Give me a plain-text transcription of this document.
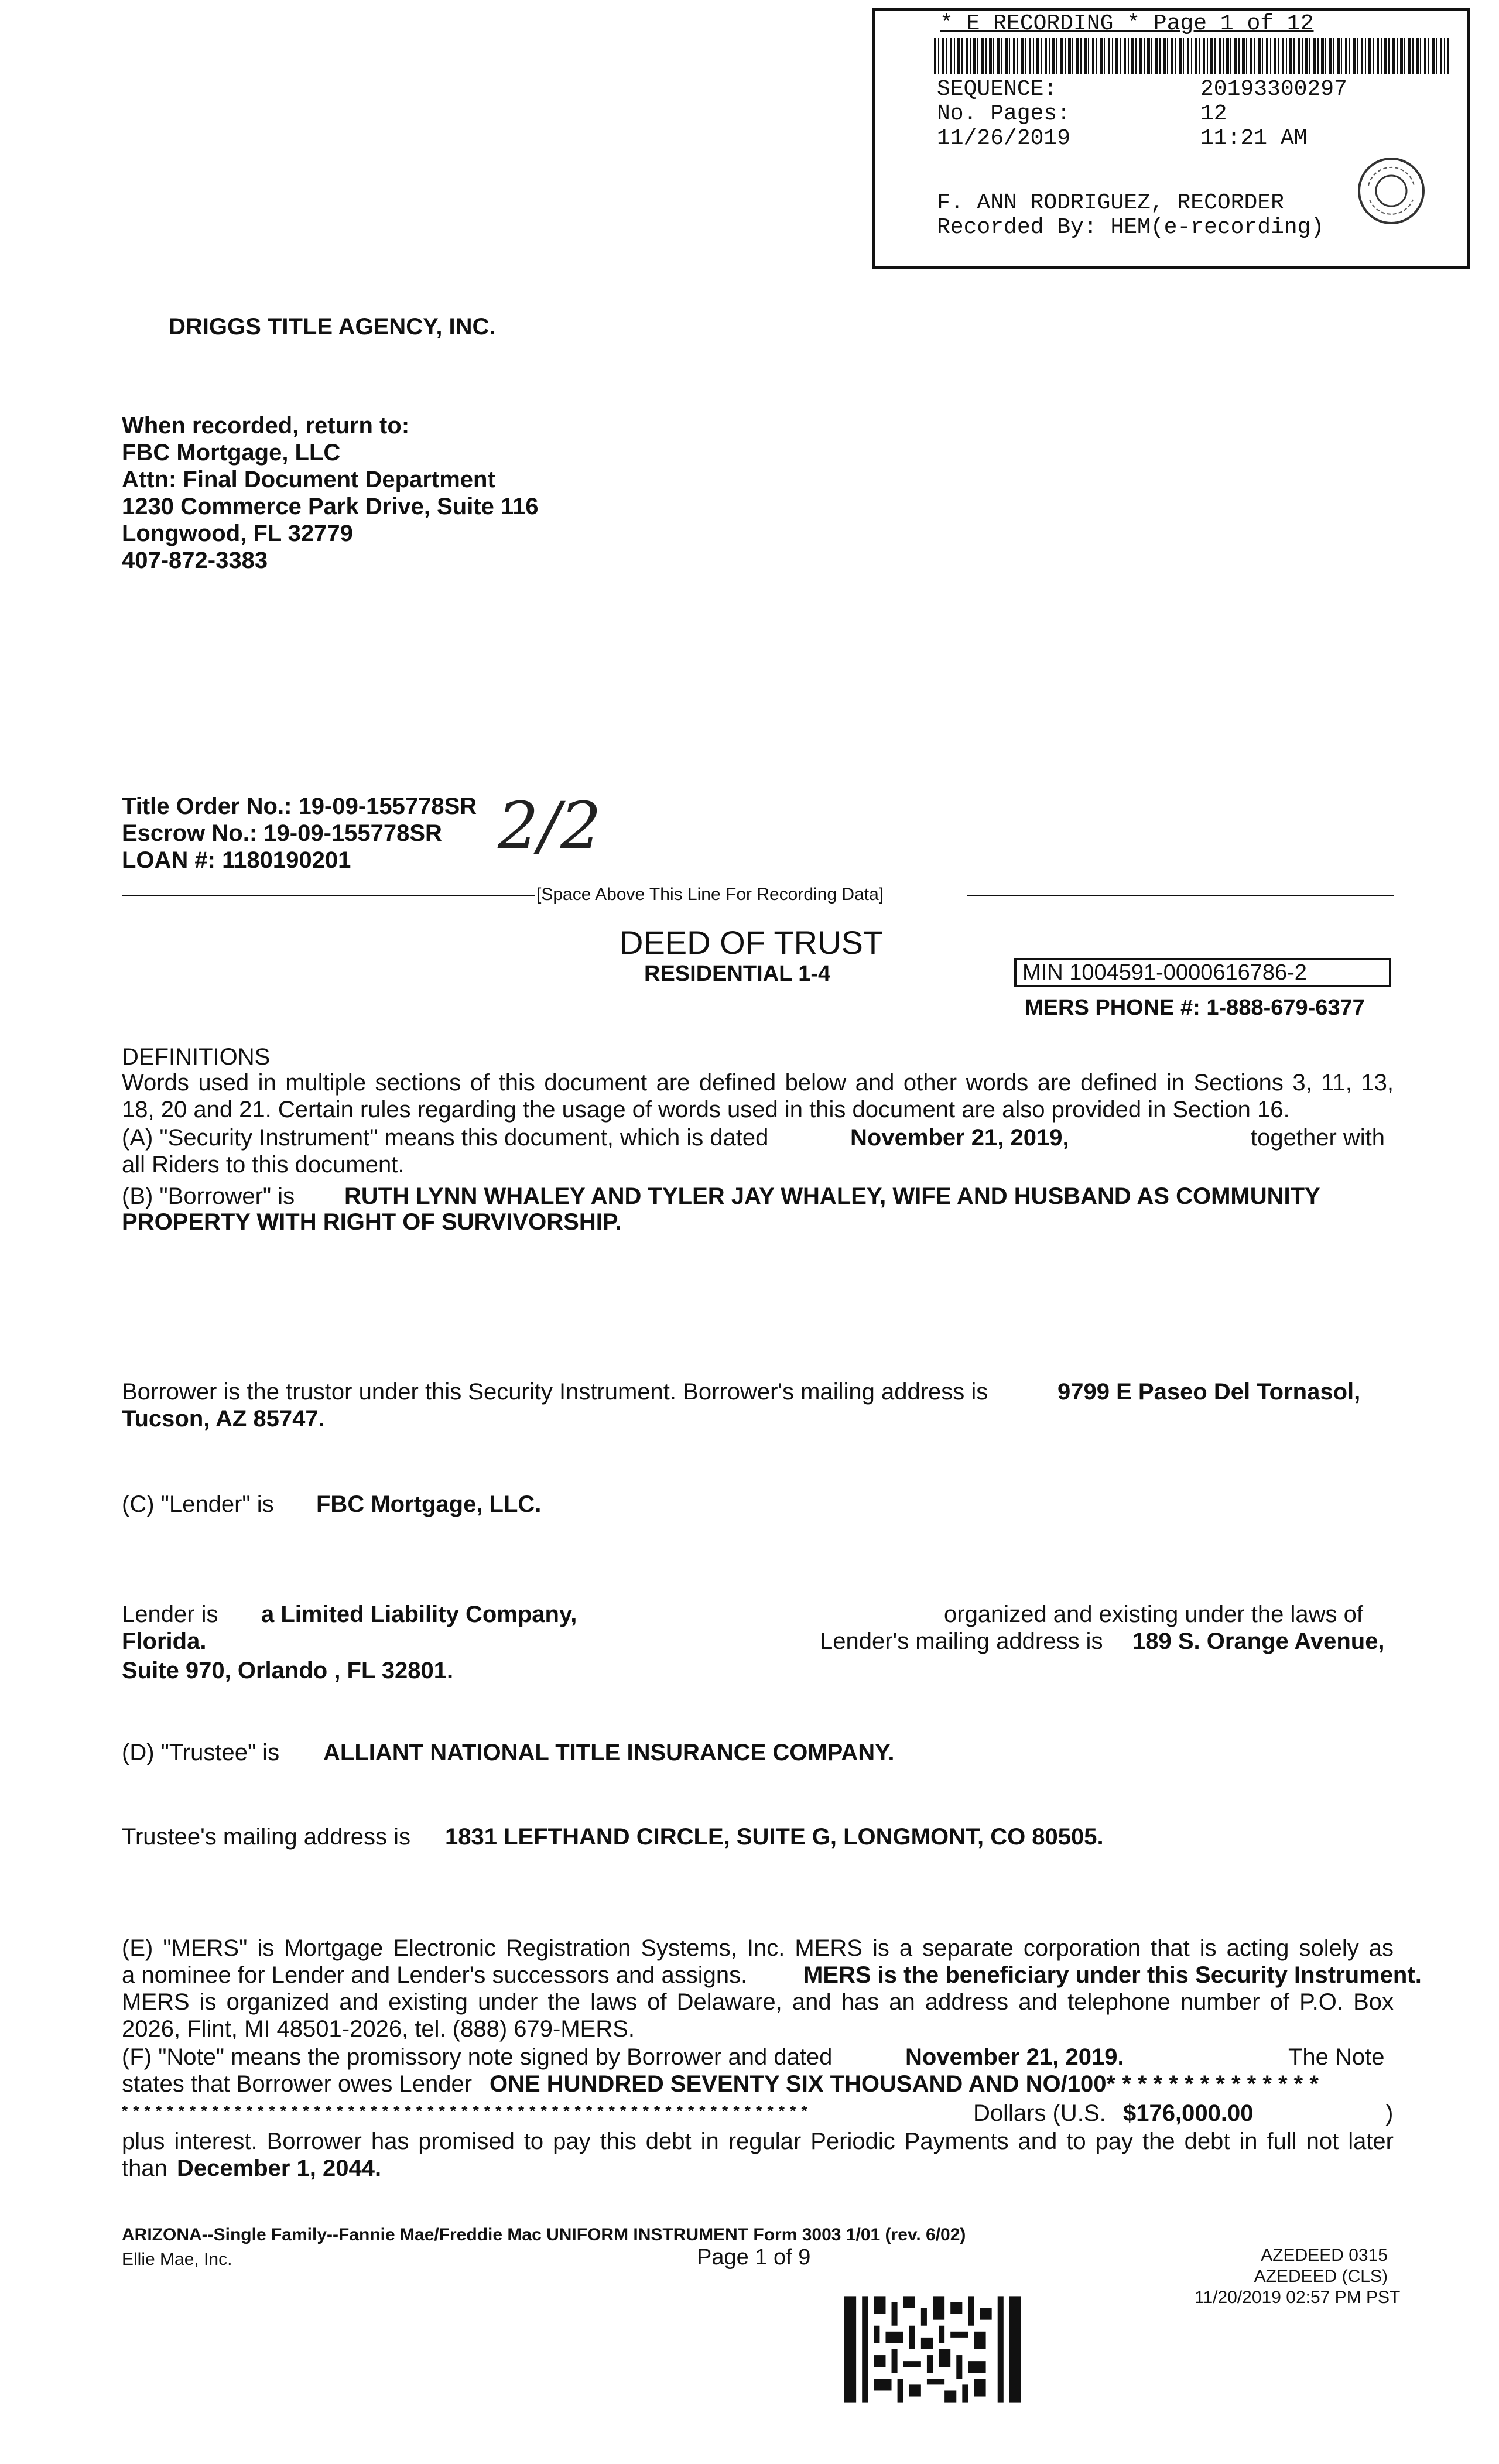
* E RECORDING * Page 1 of 12
SEQUENCE:	20193300297
No. Pages:	12
11/26/2019	11:21 AM
F. ANN RODRIGUEZ, RECORDER
Recorded By: HEM(e-recording)
DRIGGS TITLE AGENCY, INC.
When recorded, return to:
FBC Mortgage, LLC
Attn: Final Document Department
1230 Commerce Park Drive, Suite 116
Longwood, FL 32779
407-872-3383
Title Order No.: 19-09-155778SR
Escrow No.: 19-09-155778SR
LOAN #: 1180190201	2/2
[Space Above This Line For Recording Data]
DEED OF TRUST
RESIDENTIAL 1-4	MIN 1004591-0000616786-2
MERS PHONE #: 1-888-679-6377
DEFINITIONS
Words used in multiple sections of this document are defined below and other words are defined in Sections 3, 11, 13,
18, 20 and 21. Certain rules regarding the usage of words used in this document are also provided in Section 16.
(A) "Security Instrument" means this document, which is dated	November 21, 2019,	together with
all Riders to this document.
(B) "Borrower" is RUTH LYNN WHALEY AND TYLER JAY WHALEY, WIFE AND HUSBAND AS COMMUNITY
PROPERTY WITH RIGHT OF SURVIVORSHIP.
Borrower is the trustor under this Security Instrument. Borrower's mailing address is	9799 E Paseo Del Tornasol,
Tucson, AZ 85747.
(C) "Lender" is FBC Mortgage, LLC.
Lender is a Limited Liability Company,	organized and existing under the laws of
Florida.	Lender's mailing address is 189 S. Orange Avenue,
Suite 970, Orlando , FL 32801.
(D) "Trustee" is ALLIANT NATIONAL TITLE INSURANCE COMPANY.
Trustee's mailing address is 1831 LEFTHAND CIRCLE, SUITE G, LONGMONT, CO 80505.
(E) "MERS" is Mortgage Electronic Registration Systems, Inc. MERS is a separate corporation that is acting solely as
a nominee for Lender and Lender's successors and assigns. MERS is the beneficiary under this Security Instrument.
MERS is organized and existing under the laws of Delaware, and has an address and telephone number of P.O. Box
2026, Flint, MI 48501-2026, tel. (888) 679-MERS.
(F) "Note" means the promissory note signed by Borrower and dated	November 21, 2019.	The Note
states that Borrower owes Lender ONE HUNDRED SEVENTY SIX THOUSAND AND NO/100* * * * * * * * * * * * * *
* * * * * * * * * * * * * * * * * * * * * * * * * * * * * * * * * * * * * * * * * * * * * * * * * * * * * * * * * * * * *	Dollars (U.S. $176,000.00	)
plus interest. Borrower has promised to pay this debt in regular Periodic Payments and to pay the debt in full not later
than December 1, 2044.
ARIZONA--Single Family--Fannie Mae/Freddie Mac UNIFORM INSTRUMENT Form 3003 1/01 (rev. 6/02)
Ellie Mae, Inc.	Page 1 of 9	AZEDEED 0315
AZEDEED (CLS)
11/20/2019 02:57 PM PST
